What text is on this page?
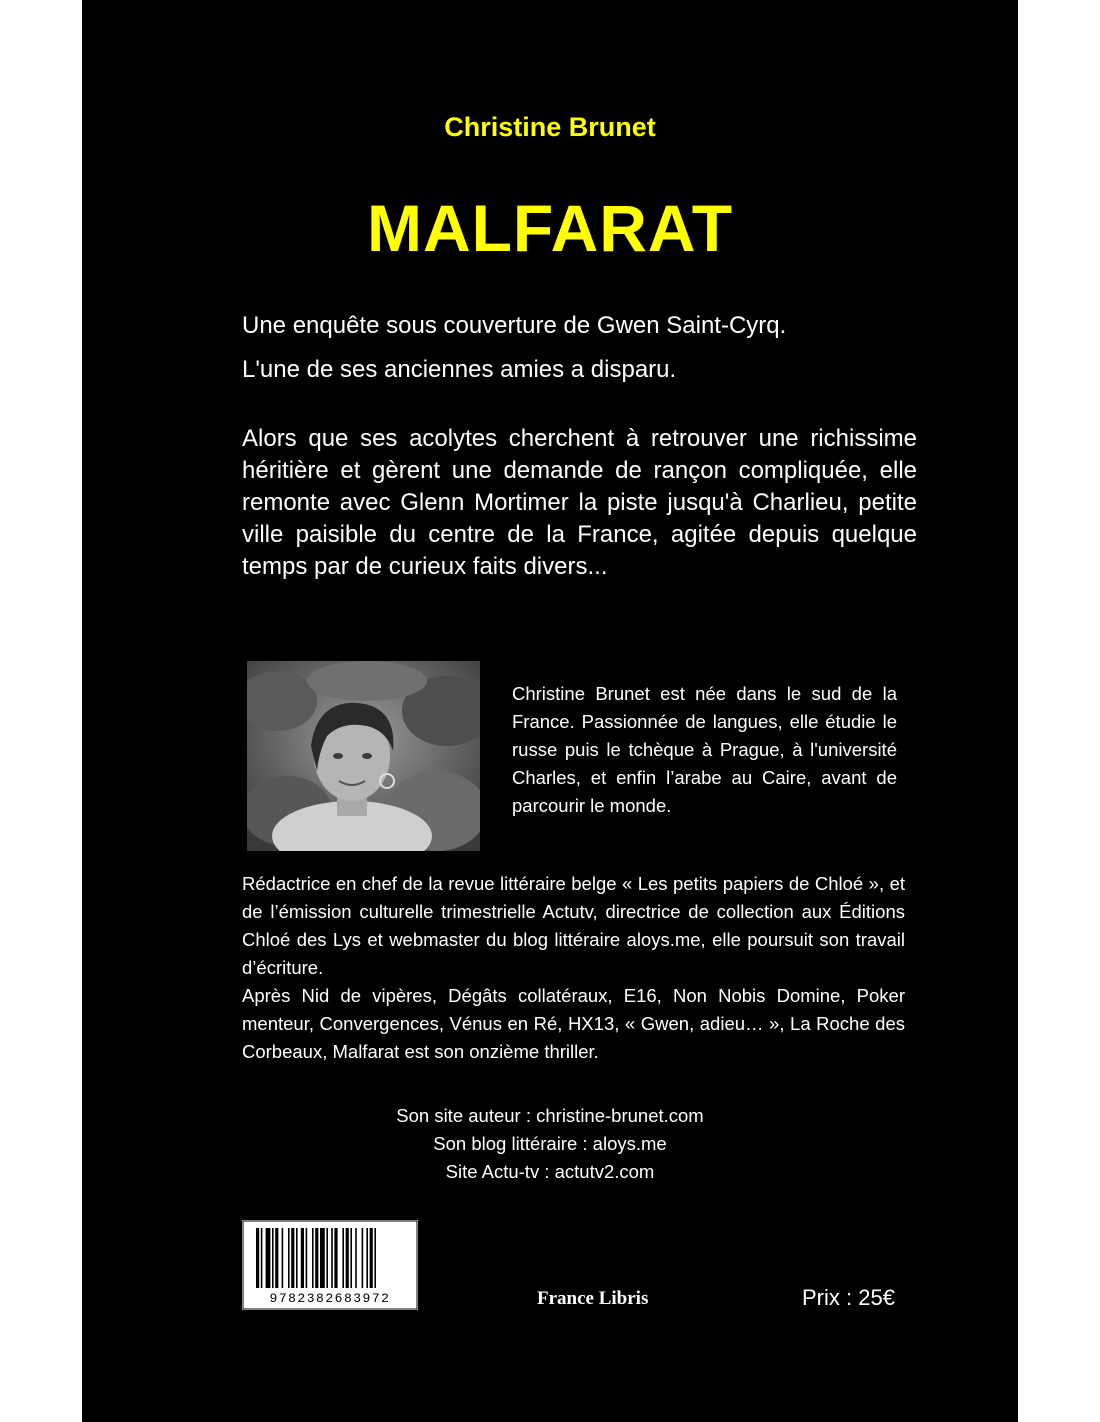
Christine Brunet
MALFARAT

Une enquête sous couverture de Gwen Saint-Cyrq.

L'une de ses anciennes amies a disparu.

Alors que ses acolytes cherchent à retrouver une richissime héritière et gèrent une demande de rançon compliquée, elle remonte avec Glenn Mortimer la piste jusqu'à Charlieu, petite ville paisible du centre de la France, agitée depuis quelque temps par de curieux faits divers...

Christine Brunet est née dans le sud de la France. Passionnée de langues, elle étudie le russe puis le tchèque à Prague, à l'université Charles, et enfin l’arabe au Caire, avant de parcourir le monde.

Rédactrice en chef de la revue littéraire belge « Les petits papiers de Chloé », et de l’émission culturelle trimestrielle Actutv, directrice de collection aux Éditions Chloé des Lys et webmaster du blog littéraire aloys.me, elle poursuit son travail d’écriture.

Après Nid de vipères, Dégâts collatéraux, E16, Non Nobis Domine, Poker menteur, Convergences, Vénus en Ré, HX13, « Gwen, adieu… », La Roche des Corbeaux, Malfarat est son onzième thriller.

Son site auteur : christine-brunet.com
Son blog littéraire : aloys.me
Site Actu-tv : actutv2.com
9782382683972	France Libris	Prix : 25€
